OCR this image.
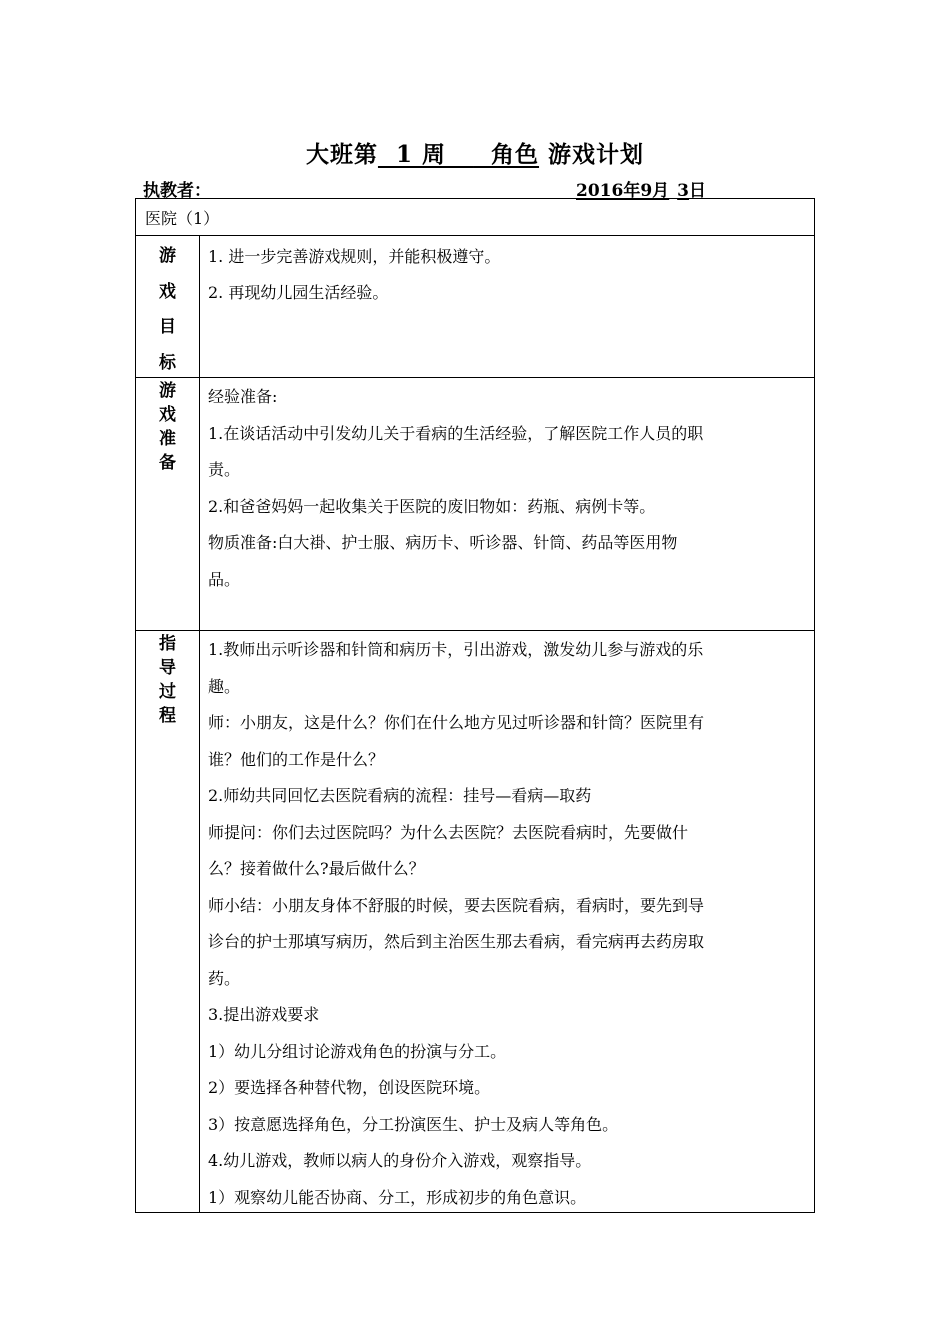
大班第  1 周     角色 游戏计划
执教者：	2016年9月 3日
医院（1）
游
戏
目
标

1. 进一步完善游戏规则，并能积极遵守。

2. 再现幼儿园生活经验。

游
戏
准
备

经验准备:

1.在谈话活动中引发幼儿关于看病的生活经验，了解医院工作人员的职

责。

2.和爸爸妈妈一起收集关于医院的废旧物如：药瓶、病例卡等。

物质准备:白大褂、护士服、病历卡、听诊器、针筒、药品等医用物

品。

指
导
过
程

1.教师出示听诊器和针筒和病历卡，引出游戏，激发幼儿参与游戏的乐

趣。

师：小朋友，这是什么？你们在什么地方见过听诊器和针筒？医院里有

谁？他们的工作是什么？

2.师幼共同回忆去医院看病的流程：挂号—看病—取药

师提问：你们去过医院吗？为什么去医院？去医院看病时，先要做什

么？接着做什么?最后做什么？

师小结：小朋友身体不舒服的时候，要去医院看病，看病时，要先到导

诊台的护士那填写病历，然后到主治医生那去看病，看完病再去药房取

药。

3.提出游戏要求

1）幼儿分组讨论游戏角色的扮演与分工。

2）要选择各种替代物，创设医院环境。

3）按意愿选择角色，分工扮演医生、护士及病人等角色。

4.幼儿游戏，教师以病人的身份介入游戏，观察指导。

1）观察幼儿能否协商、分工，形成初步的角色意识。
